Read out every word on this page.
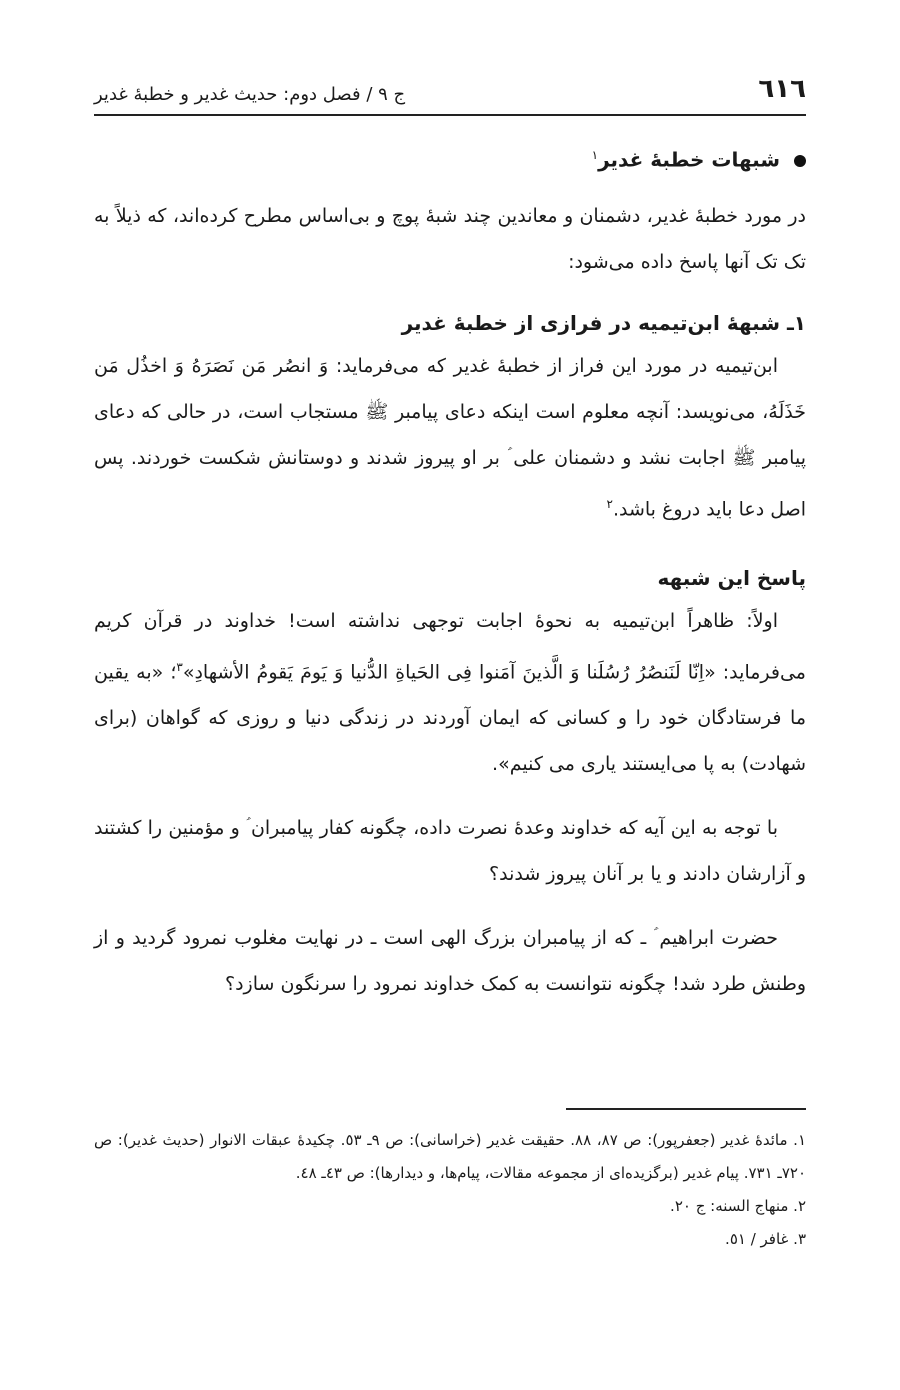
٦١٦
ج ۹ / فصل دوم: حدیث غدیر و خطبهٔ غدیر
شبهات خطبهٔ غدیر$^١$

در مورد خطبهٔ غدیر، دشمنان و معاندین چند شبهٔ پوچ و بی‌اساس مطرح کرده‌اند، که ذیلاً به تک تک آنها پاسخ داده می‌شود:

١ـ شبههٔ ابن‌تیمیه در فرازی از خطبهٔ غدیر

ابن‌تیمیه در مورد این فراز از خطبهٔ غدیر که می‌فرماید: وَ انصُر مَن نَصَرَهُ وَ اخذُل مَن خَذَلَهُ، می‌نویسد: آنچه معلوم است اینکه دعای پیامبر ﷺ مستجاب است، در حالی که دعای پیامبر ﷺ اجابت نشد و دشمنان علی ؑ بر او پیروز شدند و دوستانش شکست خوردند. پس اصل دعا باید دروغ باشد.$^٢$

پاسخ این شبهه

اولاً: ظاهراً ابن‌تیمیه به نحوهٔ اجابت توجهی نداشته است! خداوند در قرآن کریم می‌فرماید: «اِنّا لَنَنصُرُ رُسُلَنا وَ الَّذینَ آمَنوا فِی الحَیاةِ الدُّنیا وَ یَومَ یَقومُ الأشهادِ»$^٣$؛ «به یقین ما فرستادگان خود را و کسانی که ایمان آوردند در زندگی دنیا و روزی که گواهان (برای شهادت) به پا می‌ایستند یاری می کنیم».

با توجه به این آیه که خداوند وعدهٔ نصرت داده، چگونه کفار پیامبران ؑ و مؤمنین را کشتند و آزارشان دادند و یا بر آنان پیروز شدند؟

حضرت ابراهیم ؑ ـ که از پیامبران بزرگ الهی است ـ در نهایت مغلوب نمرود گردید و از وطنش طرد شد! چگونه نتوانست به کمک خداوند نمرود را سرنگون سازد؟

١. مائدهٔ غدیر (جعفرپور): ص ٨٧، ٨٨. حقیقت غدیر (خراسانی): ص ۹ـ ٥٣. چکیدهٔ عبقات الانوار (حدیث غدیر): ص ٧٢٠ـ ٧٣١. پیام غدیر (برگزیده‌ای از مجموعه مقالات، پیام‌ها، و دیدارها): ص ٤٣ـ ٤٨.

٢. منهاج السنه: ج ٢٠.

٣. غافر / ٥١.
